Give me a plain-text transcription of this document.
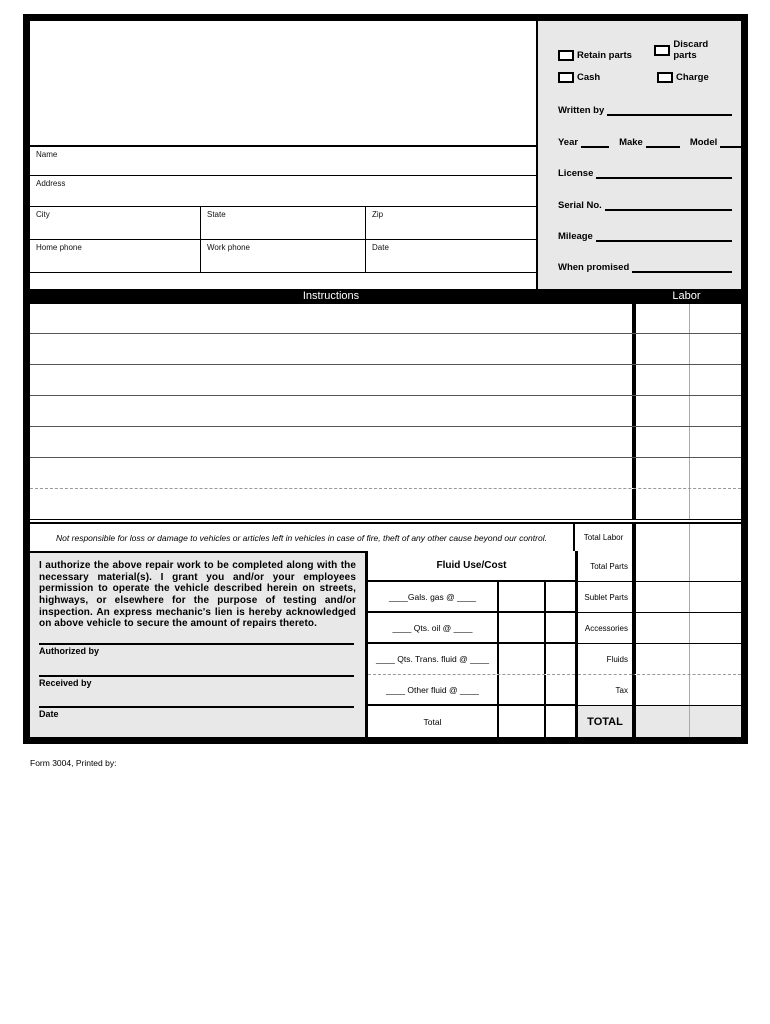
Name
Address
City	State	Zip
Home phone	Work phone	Date
Retain parts
Discard parts
Cash	Charge
Written by
Year	Make	Model
License
Serial No.
Mileage
When promised
Instructions	Labor
Not responsible for loss or damage to vehicles or articles left in vehicles in case of fire, theft of any other cause beyond our control.	Total Labor
I authorize the above repair work to be completed along with the necessary material(s). I grant you and/or your employees permission to operate the vehicle described herein on streets, highways, or elsewhere for the purpose of testing and/or inspection. An express mechanic's lien is hereby acknowledged on above vehicle to secure the amount of repairs thereto.
Authorized by
Received by
Date
Fluid Use/Cost
____Gals. gas @ ____
____ Qts. oil @ ____
____ Qts. Trans. fluid @ ____
____ Other fluid @ ____
Total
Total Parts
Sublet Parts
Accessories
Fluids
Tax
TOTAL
Form 3004, Printed by:
